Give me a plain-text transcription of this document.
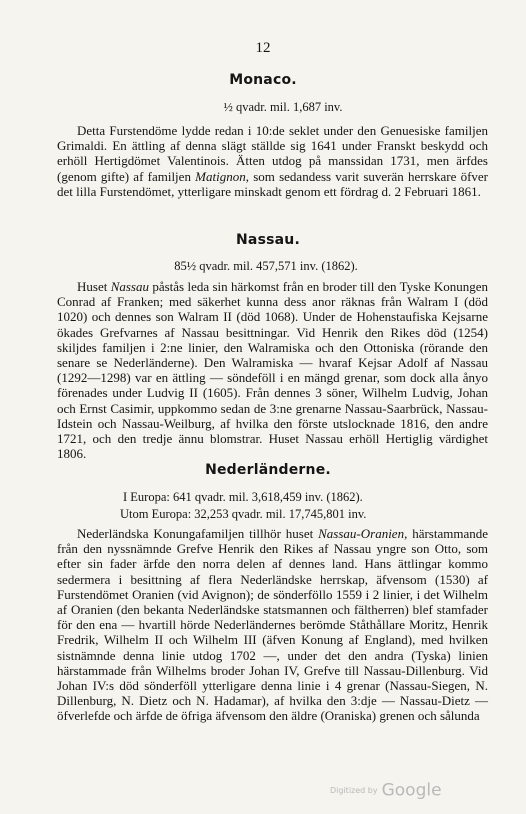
12
Monaco.
½ qvadr. mil. 1,687 inv.
Detta Furstendöme lydde redan i 10:de seklet under den Genuesiske familjen Grimaldi. En ättling af denna slägt ställde sig 1641 under Franskt beskydd och erhöll Hertigdömet Valentinois. Ätten utdog på manssidan 1731, men ärfdes (genom gifte) af familjen Matignon, som sedandess varit suverän herrskare öfver det lilla Furstendömet, ytterligare minskadt genom ett fördrag d. 2 Februari 1861.
Nassau.
85½ qvadr. mil. 457,571 inv. (1862).
Huset Nassau påstås leda sin härkomst från en broder till den Tyske Konungen Conrad af Franken; med säkerhet kunna dess anor räknas från Walram I (död 1020) och dennes son Walram II (död 1068). Under de Hohenstaufiska Kejsarne ökades Grefvarnes af Nassau besittningar. Vid Henrik den Rikes död (1254) skiljdes familjen i 2:ne linier, den Walramiska och den Ottoniska (rörande den senare se Nederländerne). Den Walramiska — hvaraf Kejsar Adolf af Nassau (1292—1298) var en ättling — söndeföll i en mängd grenar, som dock alla ånyo förenades under Ludvig II (1605). Från dennes 3 söner, Wilhelm Ludvig, Johan och Ernst Casimir, uppkommo sedan de 3:ne grenarne Nassau-Saarbrück, Nassau-Idstein och Nassau-Weilburg, af hvilka den förste utslocknade 1816, den andre 1721, och den tredje ännu blomstrar. Huset Nassau erhöll Hertiglig värdighet 1806.
Nederländerne.
I Europa: 641 qvadr. mil. 3,618,459 inv. (1862).
Utom Europa: 32,253 qvadr. mil. 17,745,801 inv.
Nederländska Konungafamiljen tillhör huset Nassau-Oranien, härstammande från den nyssnämnde Grefve Henrik den Rikes af Nassau yngre son Otto, som efter sin fader ärfde den norra delen af dennes land. Hans ättlingar kommo sedermera i besittning af flera Nederländske herrskap, äfvensom (1530) af Furstendömet Oranien (vid Avignon); de sönderföllo 1559 i 2 linier, i det Wilhelm af Oranien (den bekanta Nederländske statsmannen och fältherren) blef stamfader för den ena — hvartill hörde Nederländernes berömde Ståthållare Moritz, Henrik Fredrik, Wilhelm II och Wilhelm III (äfven Konung af England), med hvilken sistnämnde denna linie utdog 1702 —, under det den andra (Tyska) linien härstammade från Wilhelms broder Johan IV, Grefve till Nassau-Dillenburg. Vid Johan IV:s död sönderföll ytterligare denna linie i 4 grenar (Nassau-Siegen, N. Dillenburg, N. Dietz och N. Hadamar), af hvilka den 3:dje — Nassau-Dietz — öfverlefde och ärfde de öfriga äfvensom den äldre (Oraniska) grenen och sålunda
Digitized by Google
